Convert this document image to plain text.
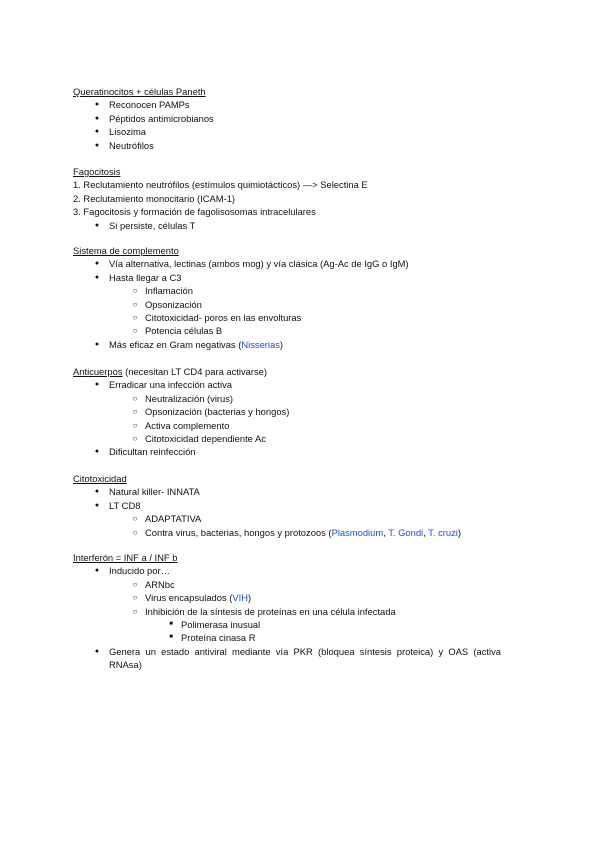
Queratinocitos + células Paneth
●	Reconocen PAMPs
●	Péptidos antimicrobianos
●	Lisozima
●	Neutrófilos
Fagocitosis
1. Reclutamiento neutrófilos (estímulos quimiotácticos) —> Selectina E
2. Reclutamiento monocitario (ICAM-1)
3. Fagocitosis y formación de fagolisosomas intracelulares
●	Si persiste, células T
Sistema de complemento
●	Vía alternativa, lectinas (ambos mog) y vía clásica (Ag-Ac de IgG o IgM)
●	Hasta llegar a C3
○ Inflamación
○ Opsonización
○ Citotoxicidad- poros en las envolturas
○ Potencia células B
●	Más eficaz en Gram negativas (Nisserias)
Anticuerpos (necesitan LT CD4 para activarse)
●	Erradicar una infección activa
○ Neutralización (virus)
○ Opsonización (bacterias y hongos)
○ Activa complemento
○ Citotoxicidad dependiente Ac
●	Dificultan reinfección
Citotoxicidad
●	Natural killer- INNATA
●	LT CD8
○ ADAPTATIVA
○ Contra virus, bacterias, hongos y protozoos (Plasmodium, T. Gondi, T. cruzi)
Interferón = INF a / INF b
●	Inducido por…
○ ARNbc
○ Virus encapsulados (VIH)
○ Inhibición de la síntesis de proteínas en una célula infectada
■ Polimerasa inusual
■ Proteína cinasa R
●	Genera un estado antiviral mediante vía PKR (bloquea síntesis proteica) y OAS (activa
RNAsa)
